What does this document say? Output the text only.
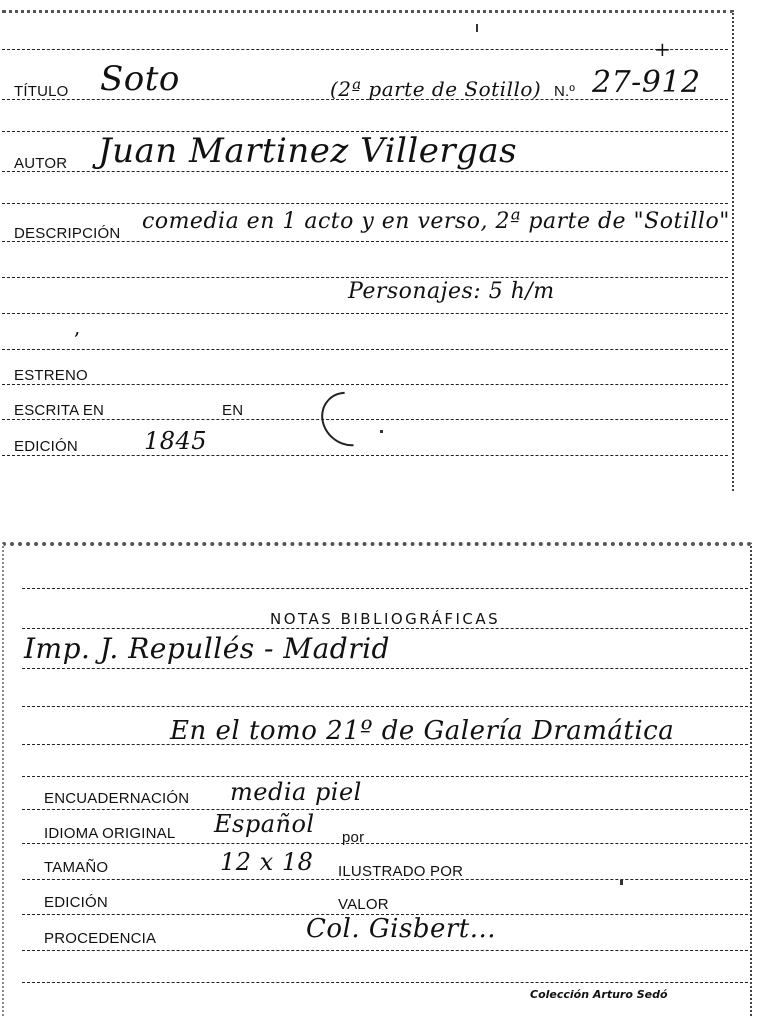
TÍTULO Soto	(2ª parte de Sotillo) N.º 27-912
+
AUTOR Juan Martinez Villergas
DESCRIPCIÓN comedia en 1 acto y en verso, 2ª parte de "Sotillo"
Personajes: 5 h/m
,
ESTRENO
ESCRITA EN	EN
EDICIÓN	1845
NOTAS BIBLIOGRÁFICAS
Imp. J. Repullés - Madrid
En el tomo 21º de Galería Dramática
ENCUADERNACIÓN media piel
IDIOMA ORIGINAL Español por
TAMAÑO	12 x 18 ILUSTRADO POR
EDICIÓN	VALOR
PROCEDENCIA	Col. Gisbert...
Colección Arturo Sedó
